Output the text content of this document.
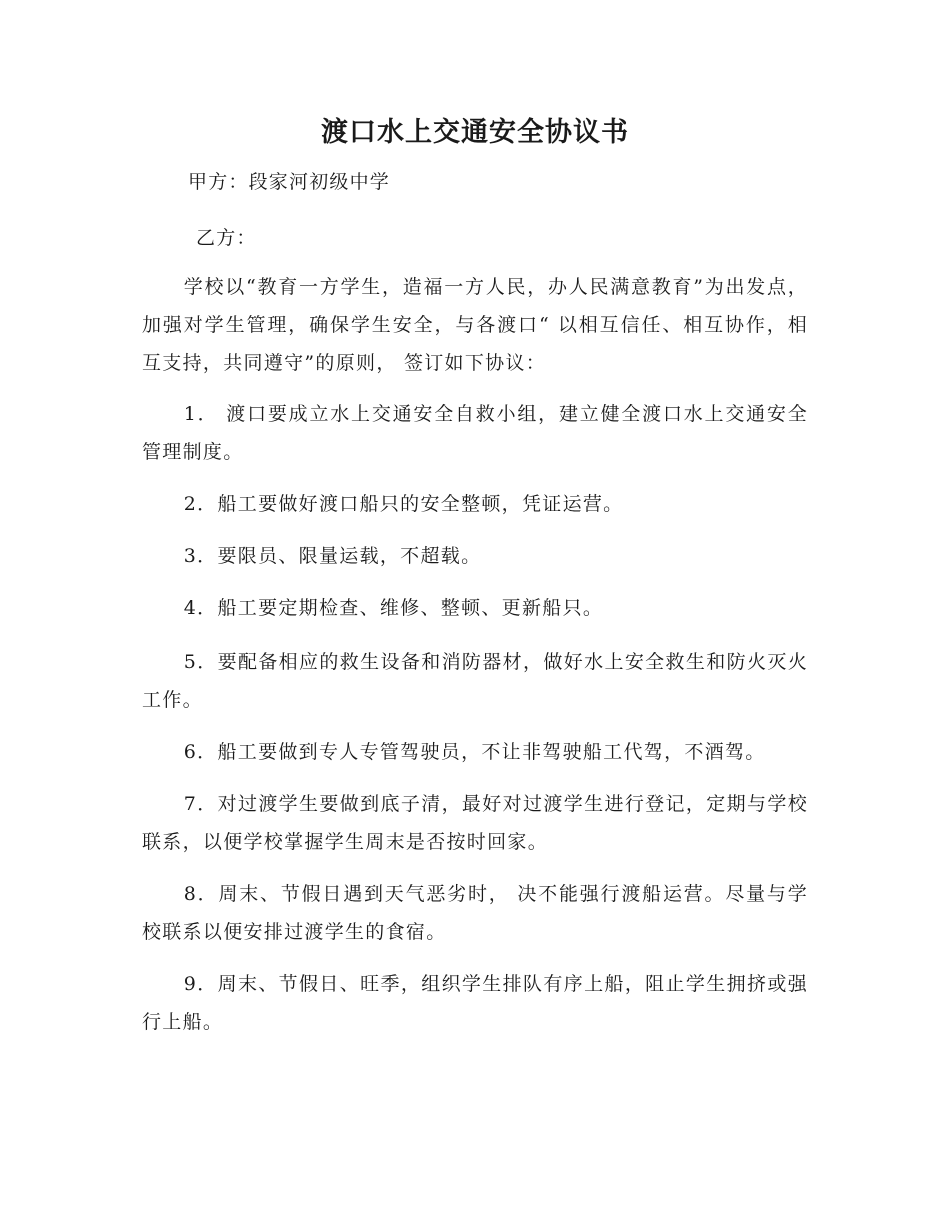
渡口水上交通安全协议书
甲方：段家河初级中学
乙方：
学校以“教育一方学生，造福一方人民，办人民满意教育”为出发点，加强对学生管理，确保学生安全，与各渡口“ 以相互信任、相互协作，相互支持，共同遵守”的原则， 签订如下协议：
1． 渡口要成立水上交通安全自救小组，建立健全渡口水上交通安全管理制度。
2．船工要做好渡口船只的安全整顿，凭证运营。
3．要限员、限量运载，不超载。
4．船工要定期检查、维修、整顿、更新船只。
5．要配备相应的救生设备和消防器材，做好水上安全救生和防火灭火工作。
6．船工要做到专人专管驾驶员，不让非驾驶船工代驾，不酒驾。
7．对过渡学生要做到底子清，最好对过渡学生进行登记，定期与学校联系，以便学校掌握学生周末是否按时回家。
8．周末、节假日遇到天气恶劣时， 决不能强行渡船运营。尽量与学校联系以便安排过渡学生的食宿。
9．周末、节假日、旺季，组织学生排队有序上船，阻止学生拥挤或强行上船。
